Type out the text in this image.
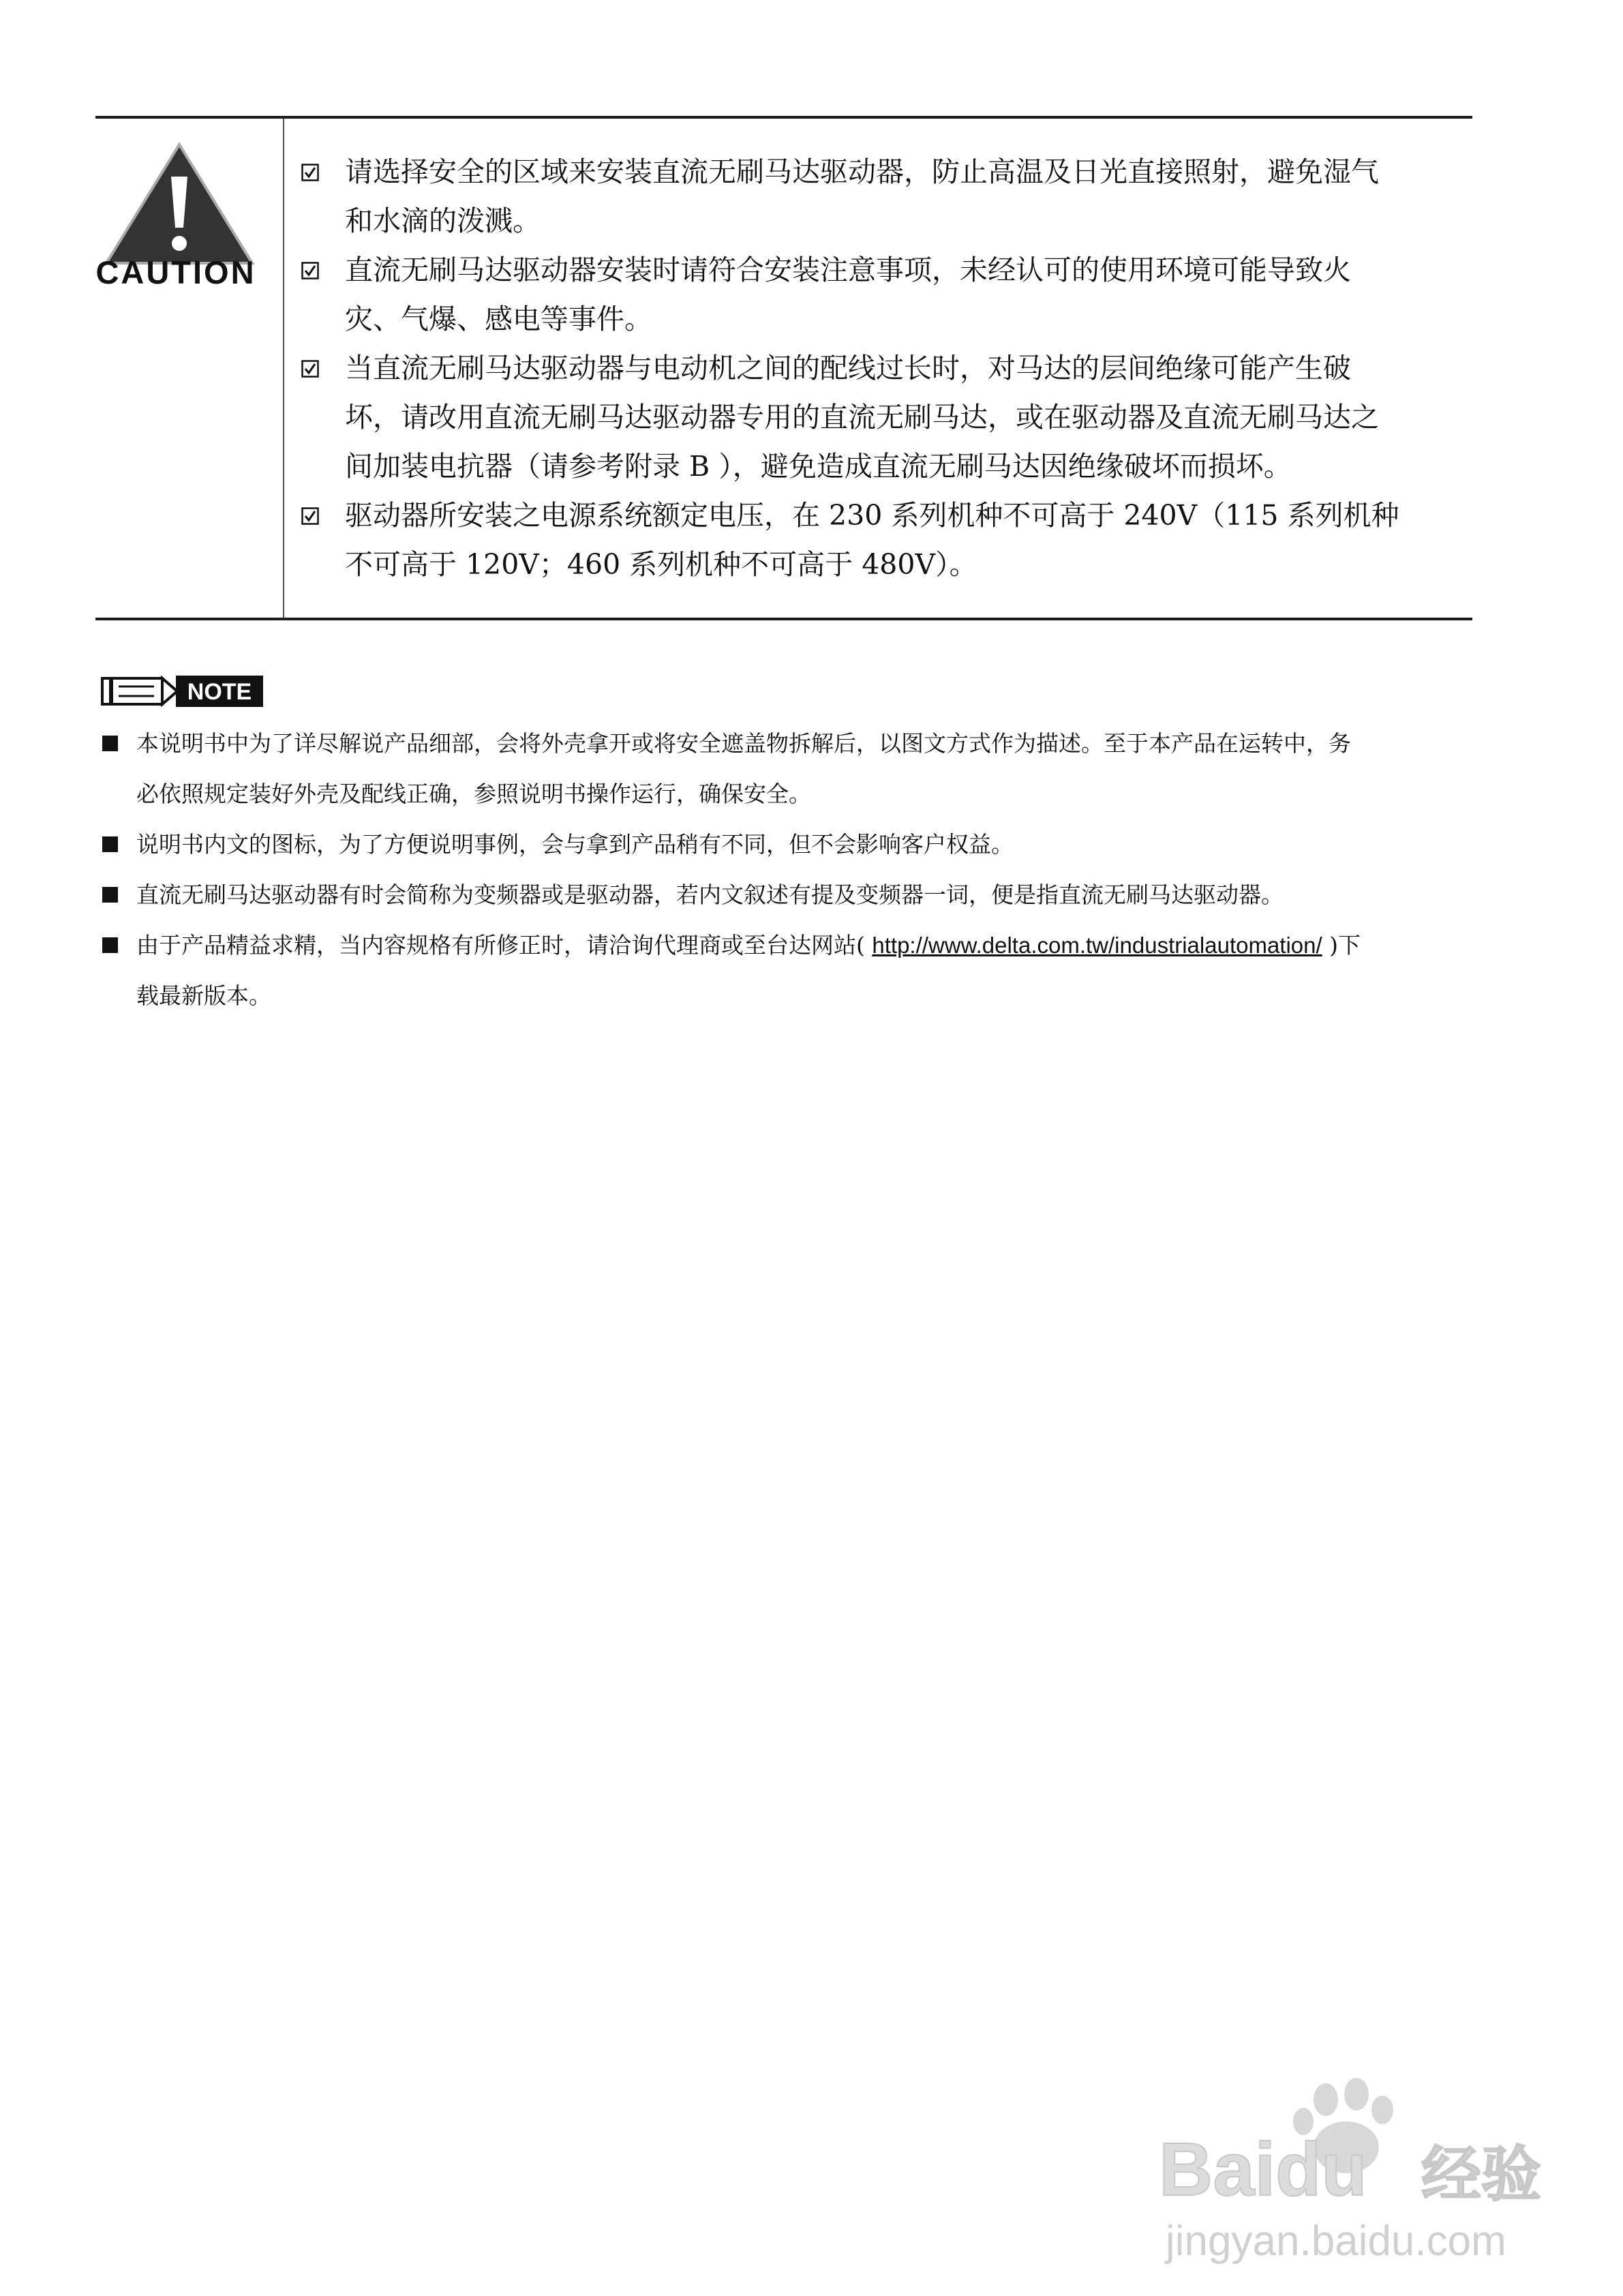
CAUTION
请选择安全的区域来安装直流无刷马达驱动器，防止高温及日光直接照射，避免湿气
和水滴的泼溅。
直流无刷马达驱动器安装时请符合安装注意事项，未经认可的使用环境可能导致火
灾、气爆、感电等事件。
当直流无刷马达驱动器与电动机之间的配线过长时，对马达的层间绝缘可能产生破
坏，请改用直流无刷马达驱动器专用的直流无刷马达，或在驱动器及直流无刷马达之
间加装电抗器（请参考附录 B ），避免造成直流无刷马达因绝缘破坏而损坏。
驱动器所安装之电源系统额定电压，在 230 系列机种不可高于 240V（115 系列机种
不可高于 120V；460 系列机种不可高于 480V）。
NOTE
本说明书中为了详尽解说产品细部，会将外壳拿开或将安全遮盖物拆解后，以图文方式作为描述。至于本产品在运转中，务
必依照规定装好外壳及配线正确，参照说明书操作运行，确保安全。
说明书内文的图标，为了方便说明事例，会与拿到产品稍有不同，但不会影响客户权益。
直流无刷马达驱动器有时会简称为变频器或是驱动器，若内文叙述有提及变频器一词，便是指直流无刷马达驱动器。
由于产品精益求精，当内容规格有所修正时，请洽询代理商或至台达网站( http://www.delta.com.tw/industrialautomation/ )下
载最新版本。
Baidu 经验
jingyan.baidu.com
